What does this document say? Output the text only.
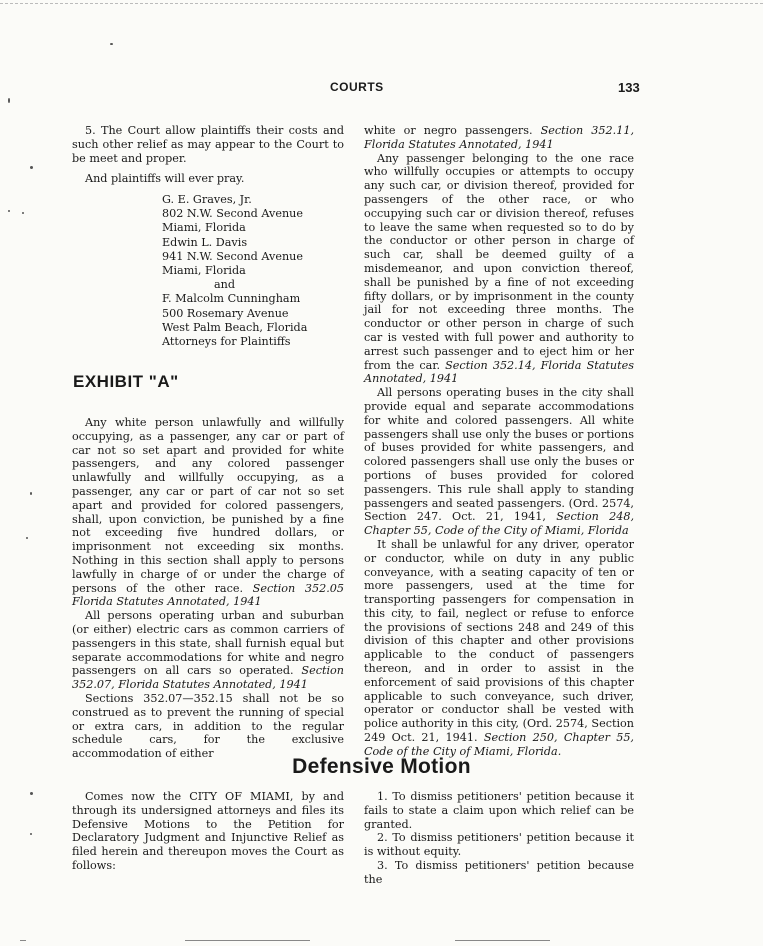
COURTS	133

5. The Court allow plaintiffs their costs and such other relief as may appear to the Court to be meet and proper.

And plaintiffs will ever pray.

G. E. Graves, Jr.
802 N.W. Second Avenue
Miami, Florida
Edwin L. Davis
941 N.W. Second Avenue
Miami, Florida
and
F. Malcolm Cunningham
500 Rosemary Avenue
West Palm Beach, Florida
Attorneys for Plaintiffs
EXHIBIT "A"

Any white person unlawfully and willfully occupying, as a passenger, any car or part of car not so set apart and provided for white passengers, and any colored passenger unlawfully and willfully occupying, as a passenger, any car or part of car not so set apart and provided for colored passengers, shall, upon conviction, be punished by a fine not exceeding five hundred dollars, or imprisonment not exceeding six months. Nothing in this section shall apply to persons lawfully in charge of or under the charge of persons of the other race. Section 352.05 Florida Statutes Annotated, 1941

All persons operating urban and suburban (or either) electric cars as common carriers of passengers in this state, shall furnish equal but separate accommodations for white and negro passengers on all cars so operated. Section 352.07, Florida Statutes Annotated, 1941

Sections 352.07—352.15 shall not be so construed as to prevent the running of special or extra cars, in addition to the regular schedule cars, for the exclusive accommodation of either

white or negro passengers. Section 352.11, Florida Statutes Annotated, 1941

Any passenger belonging to the one race who willfully occupies or attempts to occupy any such car, or division thereof, provided for passengers of the other race, or who occupying such car or division thereof, refuses to leave the same when requested so to do by the conductor or other person in charge of such car, shall be deemed guilty of a misdemeanor, and upon conviction thereof, shall be punished by a fine of not exceeding fifty dollars, or by imprisonment in the county jail for not exceeding three months. The conductor or other person in charge of such car is vested with full power and authority to arrest such passenger and to eject him or her from the car. Section 352.14, Florida Statutes Annotated, 1941

All persons operating buses in the city shall provide equal and separate accommodations for white and colored passengers. All white passengers shall use only the buses or portions of buses provided for white passengers, and colored passengers shall use only the buses or portions of buses provided for colored passengers. This rule shall apply to standing passengers and seated passengers. (Ord. 2574, Section 247. Oct. 21, 1941, Section 248, Chapter 55, Code of the City of Miami, Florida

It shall be unlawful for any driver, operator or conductor, while on duty in any public conveyance, with a seating capacity of ten or more passengers, used at the time for transporting passengers for compensation in this city, to fail, neglect or refuse to enforce the provisions of sections 248 and 249 of this division of this chapter and other provisions applicable to the conduct of passengers thereon, and in order to assist in the enforcement of said provisions of this chapter applicable to such conveyance, such driver, operator or conductor shall be vested with police authority in this city, (Ord. 2574, Section 249 Oct. 21, 1941. Section 250, Chapter 55, Code of the City of Miami, Florida.

Defensive Motion

Comes now the CITY OF MIAMI, by and through its undersigned attorneys and files its Defensive Motions to the Petition for Declaratory Judgment and Injunctive Relief as filed herein and thereupon moves the Court as follows:

1. To dismiss petitioners' petition because it fails to state a claim upon which relief can be granted.

2. To dismiss petitioners' petition because it is without equity.

3. To dismiss petitioners' petition because the
